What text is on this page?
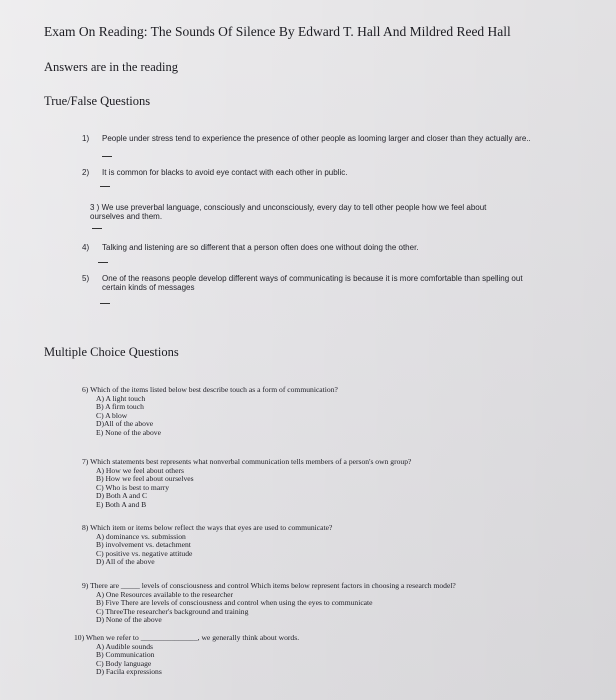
Exam On Reading: The Sounds Of Silence By Edward T. Hall And Mildred Reed Hall
Answers are in the reading
True/False Questions
1) People under stress tend to experience the presence of other people as looming larger and closer than they actually are..
2) It is common for blacks to avoid eye contact with each other in public.
3 ) We use preverbal language, consciously and unconsciously, every day to tell other people how we feel about
ourselves and them.
4) Talking and listening are so different that a person often does one without doing the other.
5) One of the reasons people develop different ways of communicating is because it is more comfortable than spelling out
certain kinds of messages
Multiple Choice Questions
6) Which of the items listed below best describe touch as a form of communication?
A) A light touch
B) A firm touch
C) A blow
D)All of the above
E) None of the above
7) Which statements best represents what nonverbal communication tells members of a person's own group?
A) How we feel about others
B) How we feel about ourselves
C) Who is best to marry
D) Both A and C
E) Both A and B
8) Which item or items below reflect the ways that eyes are used to communicate?
A) dominance vs. submission
B) involvement vs. detachment
C) positive vs. negative attitude
D) All of the above
9) There are _____ levels of consciousness and control Which items below represent factors in choosing a research model?
A) One Resources available to the researcher
B) Five There are levels of consciousness and control when using the eyes to communicate
C) ThreeThe researcher's background and training
D) None of the above
10) When we refer to _______________, we generally think about words.
A) Audible sounds
B) Communication
C) Body language
D) Facila expressions
